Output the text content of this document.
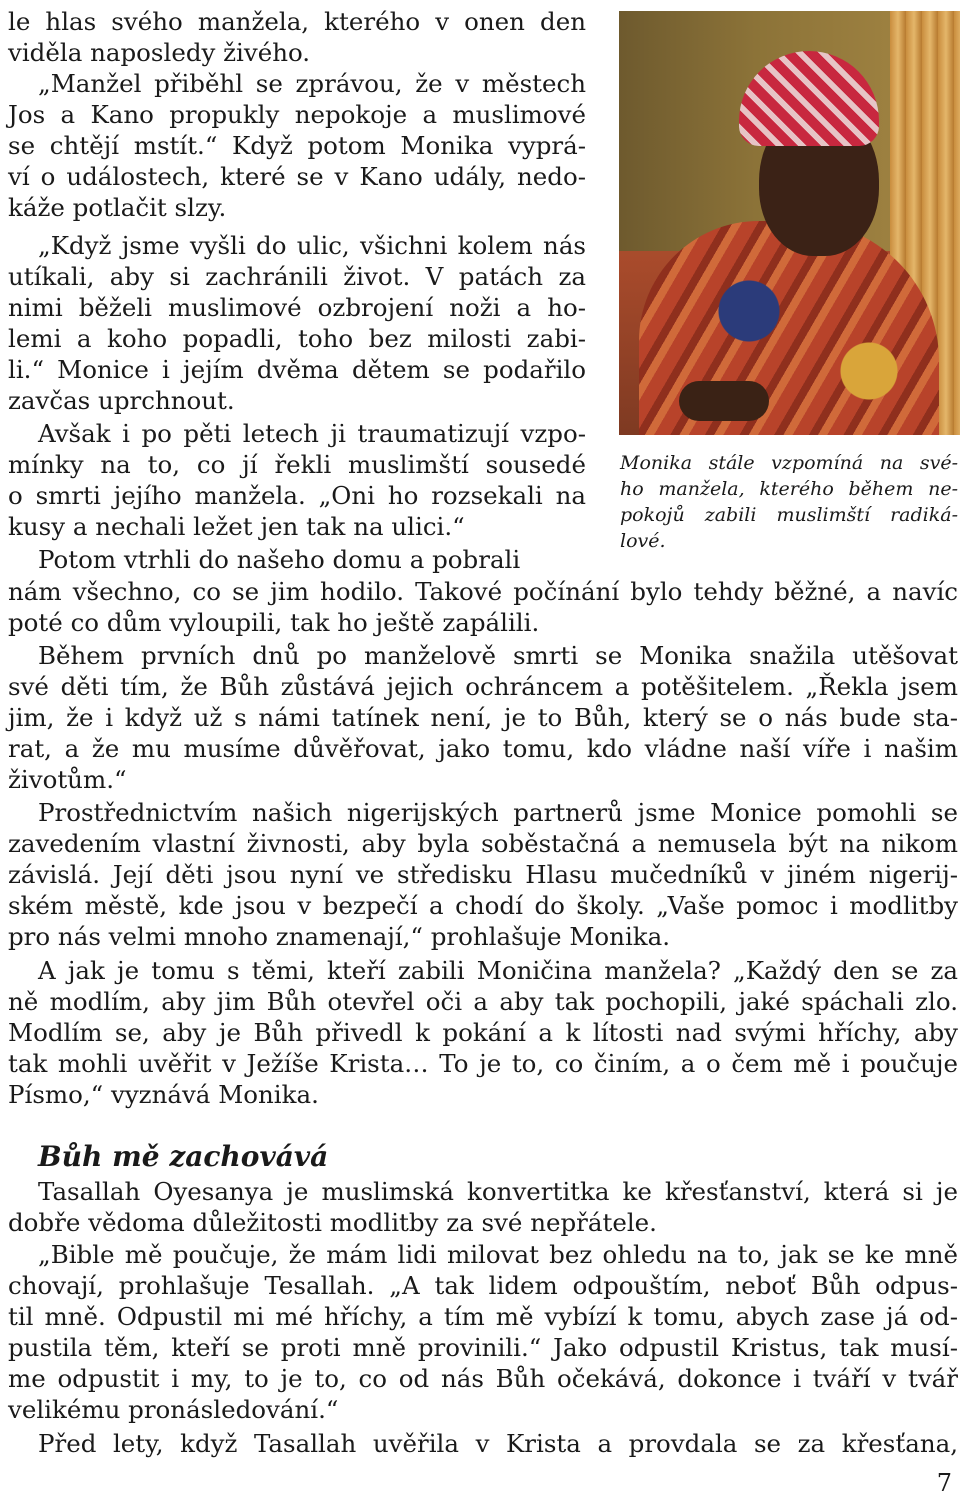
Monika stále vzpomíná na své-
ho manžela, kterého během ne-
pokojů zabili muslimští radiká-
lové.
le hlas svého manžela, kterého v onen den
viděla naposledy živého.
„Manžel přiběhl se zprávou, že v městech
Jos a Kano propukly nepokoje a muslimové
se chtějí mstít.“ Když potom Monika vyprá-
ví o událostech, které se v Kano udály, nedo-
káže potlačit slzy.
„Když jsme vyšli do ulic, všichni kolem nás
utíkali, aby si zachránili život. V patách za
nimi běželi muslimové ozbrojení noži a ho-
lemi a koho popadli, toho bez milosti zabi-
li.“ Monice i jejím dvěma dětem se podařilo
zavčas uprchnout.
Avšak i po pěti letech ji traumatizují vzpo-
mínky na to, co jí řekli muslimští sousedé
o smrti jejího manžela. „Oni ho rozsekali na
kusy a nechali ležet jen tak na ulici.“
Potom vtrhli do našeho domu a pobrali
nám všechno, co se jim hodilo. Takové počínání bylo tehdy běžné, a navíc
poté co dům vyloupili, tak ho ještě zapálili.
Během prvních dnů po manželově smrti se Monika snažila utěšovat
své děti tím, že Bůh zůstává jejich ochráncem a potěšitelem. „Řekla jsem
jim, že i když už s námi tatínek není, je to Bůh, který se o nás bude sta-
rat, a že mu musíme důvěřovat, jako tomu, kdo vládne naší víře i našim
životům.“
Prostřednictvím našich nigerijských partnerů jsme Monice pomohli se
zavedením vlastní živnosti, aby byla soběstačná a nemusela být na nikom
závislá. Její děti jsou nyní ve středisku Hlasu mučedníků v jiném nigerij-
ském městě, kde jsou v bezpečí a chodí do školy. „Vaše pomoc i modlitby
pro nás velmi mnoho znamenají,“ prohlašuje Monika.
A jak je tomu s těmi, kteří zabili Moničina manžela? „Každý den se za
ně modlím, aby jim Bůh otevřel oči a aby tak pochopili, jaké spáchali zlo.
Modlím se, aby je Bůh přivedl k pokání a k lítosti nad svými hříchy, aby
tak mohli uvěřit v Ježíše Krista… To je to, co činím, a o čem mě i poučuje
Písmo,“ vyznává Monika.
Bůh mě zachovává
Tasallah Oyesanya je muslimská konvertitka ke křesťanství, která si je
dobře vědoma důležitosti modlitby za své nepřátele.
„Bible mě poučuje, že mám lidi milovat bez ohledu na to, jak se ke mně
chovají, prohlašuje Tesallah. „A tak lidem odpouštím, neboť Bůh odpus-
til mně. Odpustil mi mé hříchy, a tím mě vybízí k tomu, abych zase já od-
pustila těm, kteří se proti mně provinili.“ Jako odpustil Kristus, tak musí-
me odpustit i my, to je to, co od nás Bůh očekává, dokonce i tváří v tvář
velikému pronásledování.“
Před lety, když Tasallah uvěřila v Krista a provdala se za křesťana,
7
